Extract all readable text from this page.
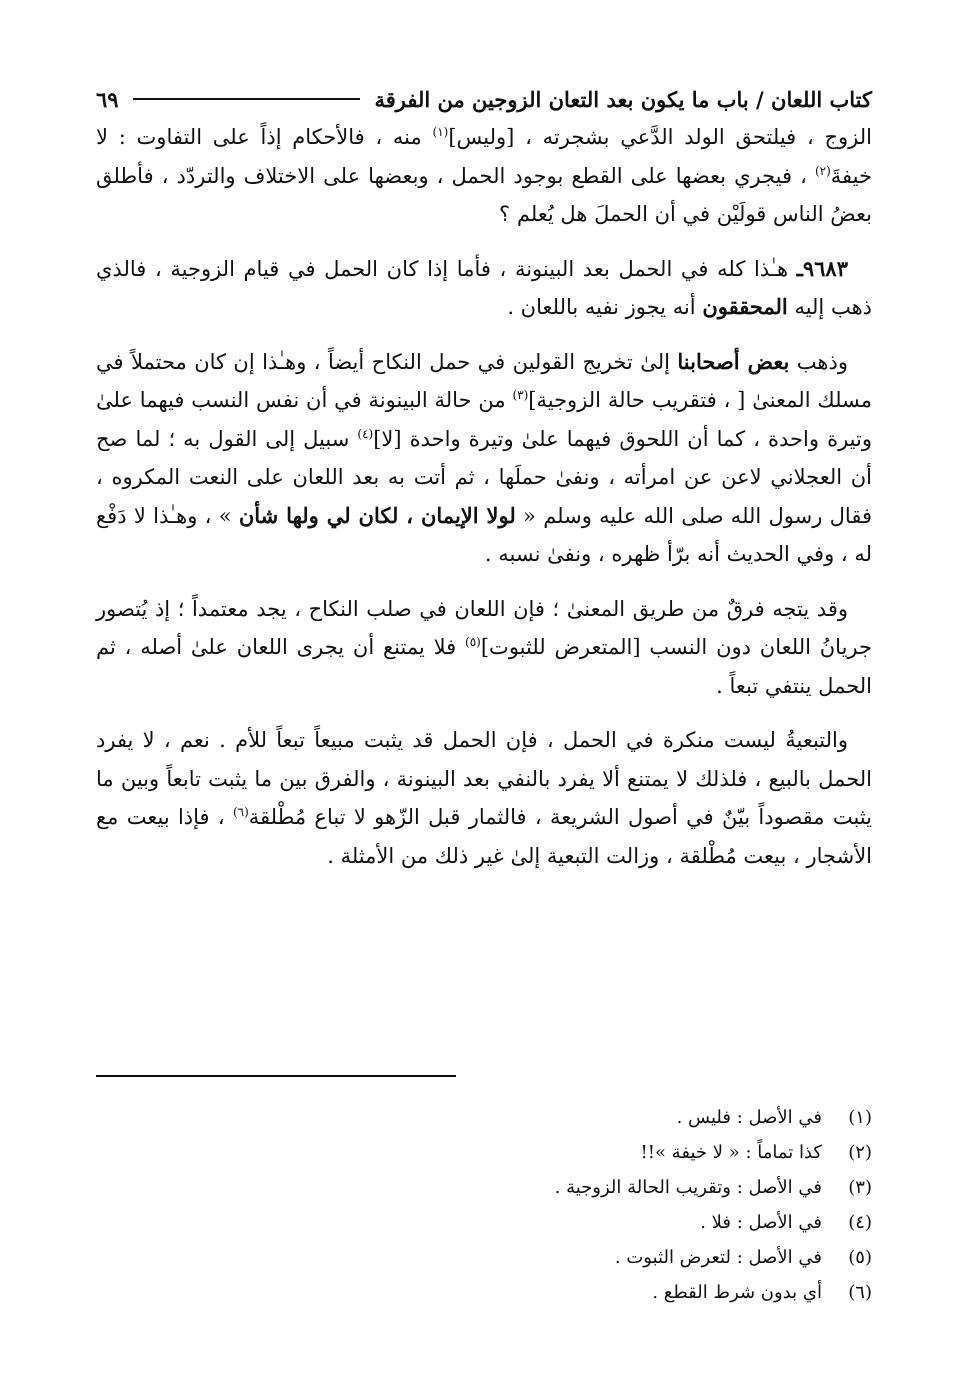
كتاب اللعان / باب ما يكون بعد التعان الزوجين من الفرقة
٦٩

الزوج ، فيلتحق الولد الدَّعي بشجرته ، [وليس]$^{(١)}$ منه ، فالأحكام إذاً على التفاوت : لا خيفةَ$^{(٢)}$ ، فيجري بعضها على القطع بوجود الحمل ، وبعضها على الاختلاف والتردّد ، فأطلق بعضُ الناس قولَيْن في أن الحملَ هل يُعلم ؟

٩٦٨٣ـ هـٰذا كله في الحمل بعد البينونة ، فأما إذا كان الحمل في قيام الزوجية ، فالذي ذهب إليه المحققون أنه يجوز نفيه باللعان .

وذهب بعض أصحابنا إلىٰ تخريج القولين في حمل النكاح أيضاً ، وهـٰذا إن كان محتملاً في مسلك المعنىٰ [ ، فتقريب حالة الزوجية]$^{(٣)}$ من حالة البينونة في أن نفس النسب فيهما علىٰ وتيرة واحدة ، كما أن اللحوق فيهما علىٰ وتيرة واحدة [لا]$^{(٤)}$ سبيل إلى القول به ؛ لما صح أن العجلاني لاعن عن امرأته ، ونفىٰ حملَها ، ثم أتت به بعد اللعان على النعت المكروه ، فقال رسول الله صلى الله عليه وسلم « لولا الإيمان ، لكان لي ولها شأن » ، وهـٰذا لا دَفْع له ، وفي الحديث أنه برّأ ظهره ، ونفىٰ نسبه .

وقد يتجه فرقٌ من طريق المعنىٰ ؛ فإن اللعان في صلب النكاح ، يجد معتمداً ؛ إذ يُتصور جريانُ اللعان دون النسب [المتعرض للثبوت]$^{(٥)}$ فلا يمتنع أن يجرى اللعان علىٰ أصله ، ثم الحمل ينتفي تبعاً .

والتبعيةُ ليست منكرة في الحمل ، فإن الحمل قد يثبت مبيعاً تبعاً للأم . نعم ، لا يفرد الحمل بالبيع ، فلذلك لا يمتنع ألا يفرد بالنفي بعد البينونة ، والفرق بين ما يثبت تابعاً وبين ما يثبت مقصوداً بيّنٌ في أصول الشريعة ، فالثمار قبل الزّهو لا تباع مُطْلقة$^{(٦)}$ ، فإذا بيعت مع الأشجار ، بيعت مُطْلقة ، وزالت التبعية إلىٰ غير ذلك من الأمثلة .

(١)
في الأصل : فليس .
(٢)
كذا تماماً : « لا خيفة »!!
(٣)
في الأصل : وتقريب الحالة الزوجية .
(٤)
في الأصل : فلا .
(٥)
في الأصل : لتعرض الثبوت .
(٦)
أي بدون شرط القطع .
